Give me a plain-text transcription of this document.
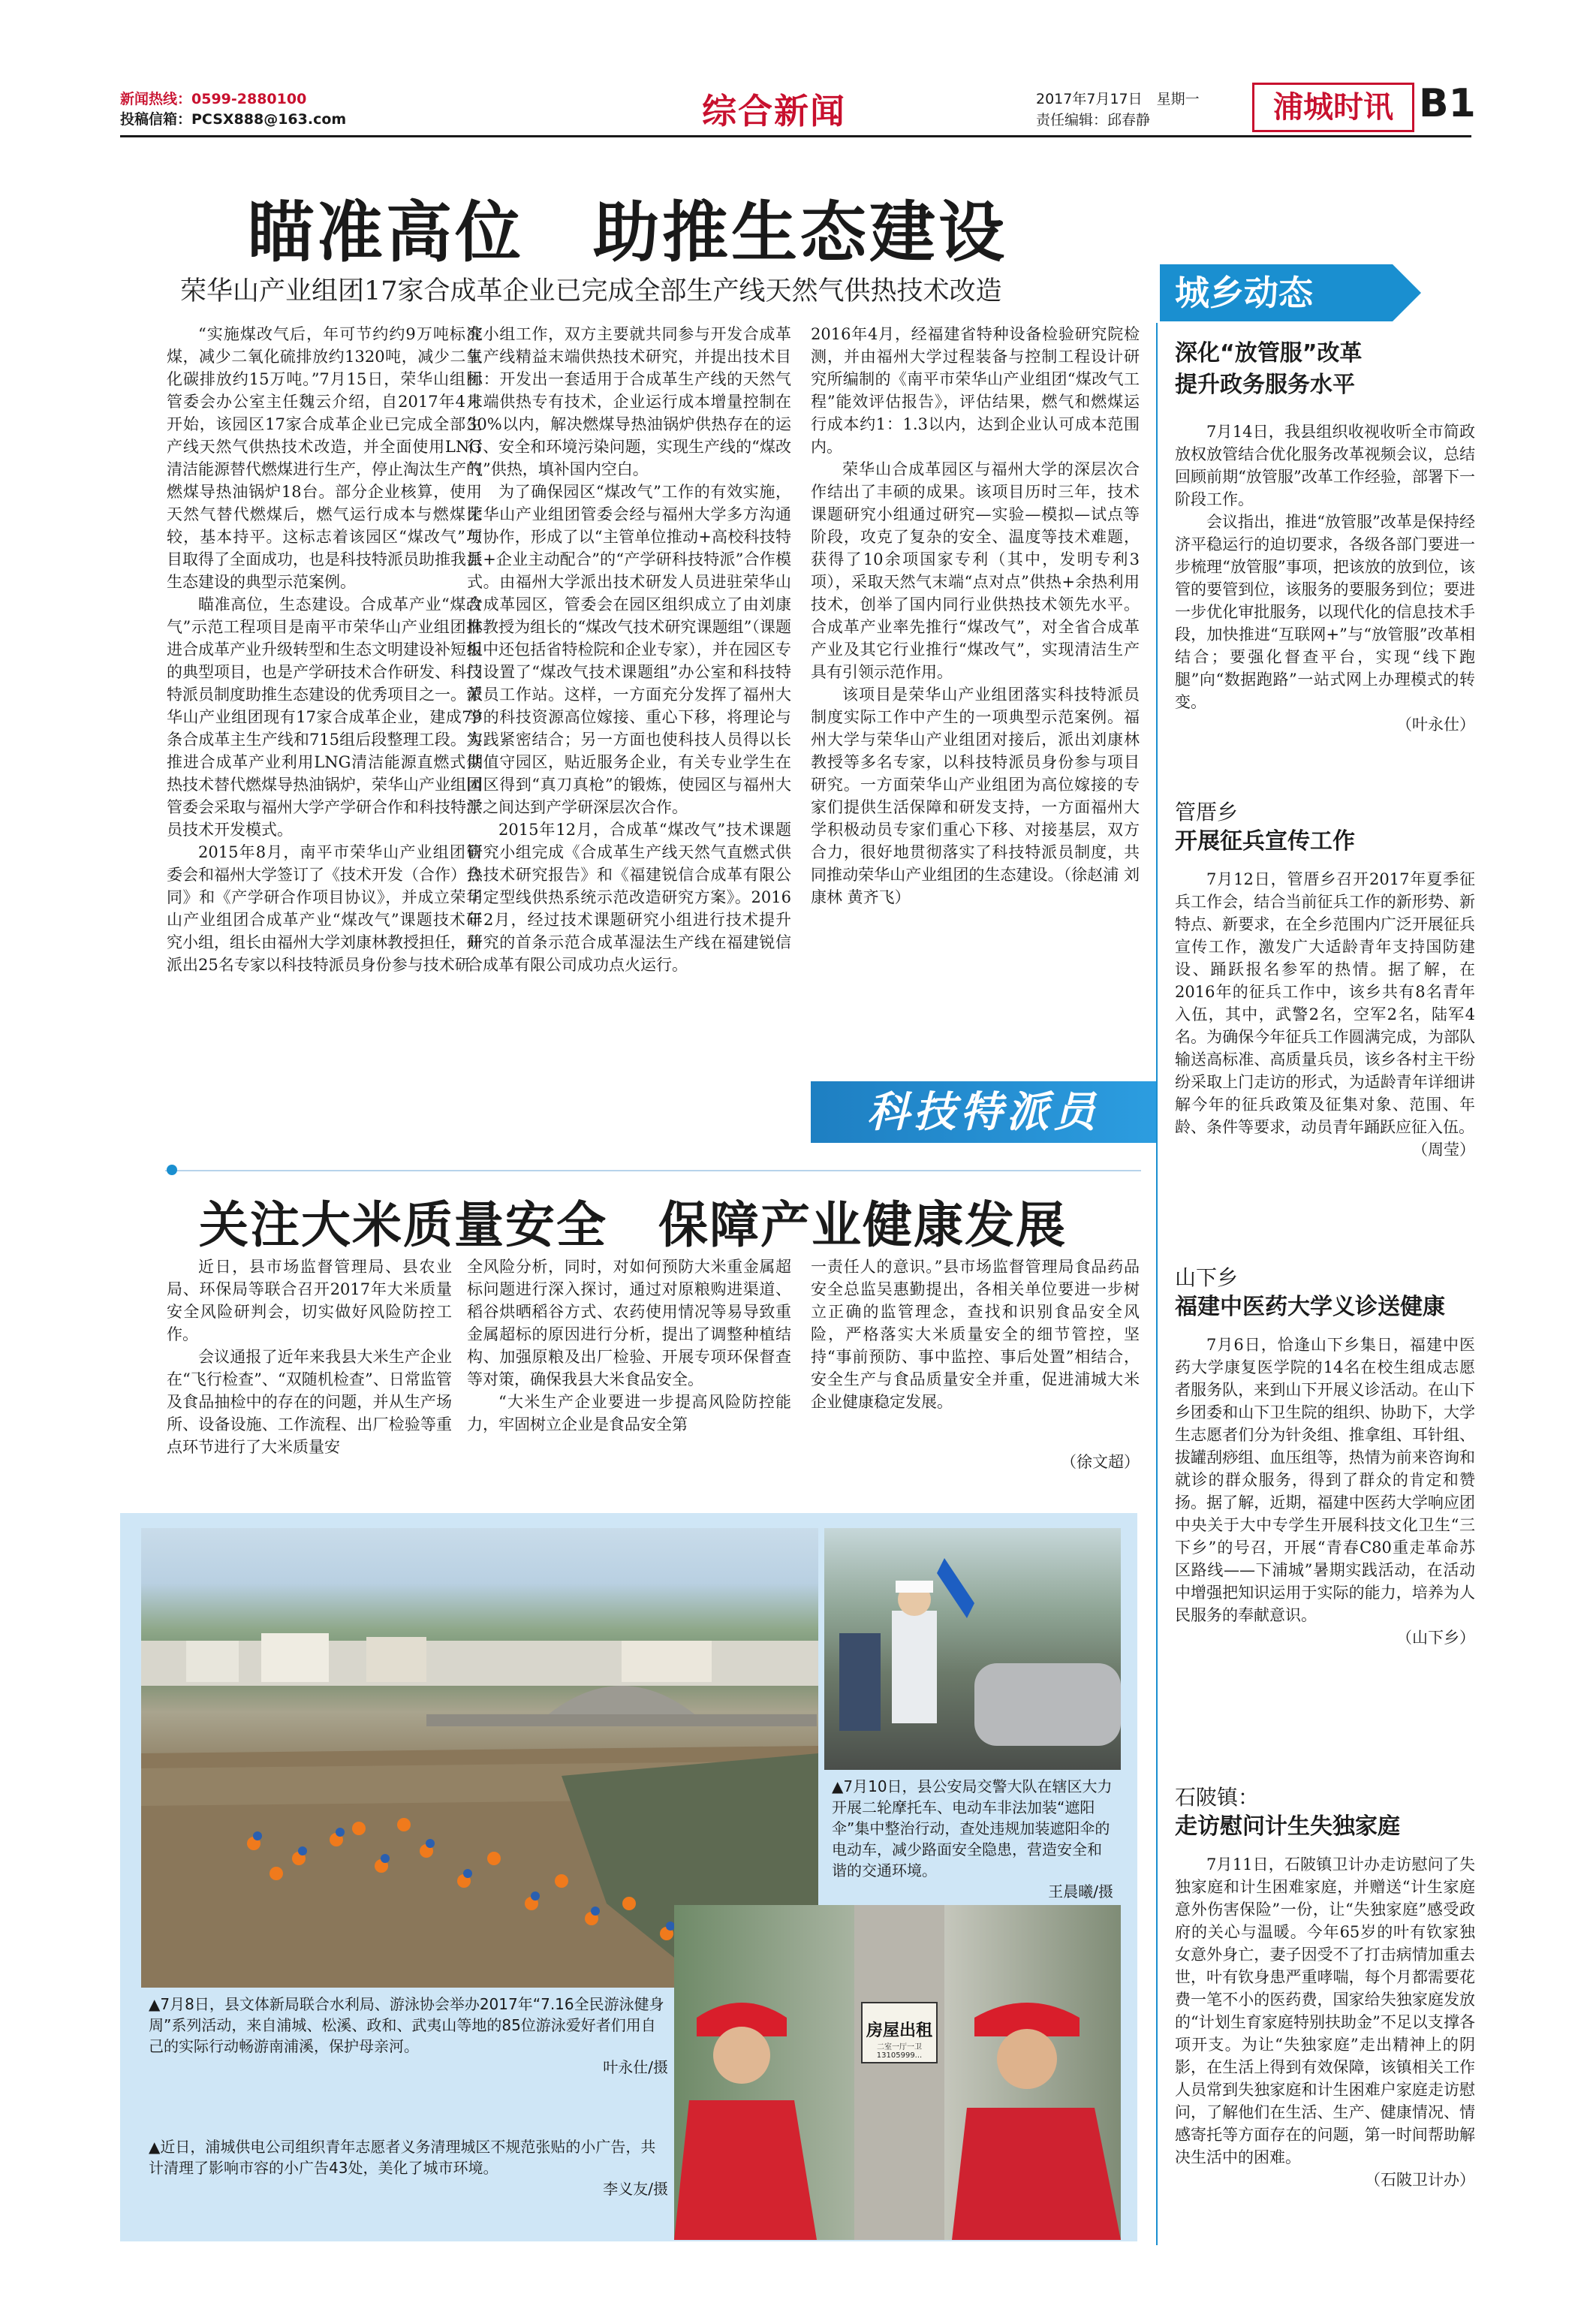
新闻热线：0599-2880100
投稿信箱：PCSX888@163.com	综合新闻	2017年7月17日　星期一
责任编辑：邱春静	浦城时讯 B1
瞄准高位　助推生态建设
荣华山产业组团17家合成革企业已完成全部生产线天然气供热技术改造

“实施煤改气后，年可节约约9万吨标准煤，减少二氧化硫排放约1320吨，减少二氧化碳排放约15万吨。”7月15日，荣华山组团管委会办公室主任魏云介绍，自2017年4月开始，该园区17家合成革企业已完成全部生产线天然气供热技术改造，并全面使用LNG清洁能源替代燃煤进行生产，停止淘汰生产的燃煤导热油锅炉18台。部分企业核算，使用天然气替代燃煤后，燃气运行成本与燃煤比较，基本持平。这标志着该园区“煤改气”项目取得了全面成功，也是科技特派员助推我县生态建设的典型示范案例。

瞄准高位，生态建设。合成革产业“煤改气”示范工程项目是南平市荣华山产业组团推进合成革产业升级转型和生态文明建设补短板的典型项目，也是产学研技术合作研发、科技特派员制度助推生态建设的优秀项目之一。荣华山产业组团现有17家合成革企业，建成79条合成革主生产线和715组后段整理工段。为推进合成革产业利用LNG清洁能源直燃式供热技术替代燃煤导热油锅炉，荣华山产业组团管委会采取与福州大学产学研合作和科技特派员技术开发模式。

2015年8月，南平市荣华山产业组团管委会和福州大学签订了《技术开发（合作）合同》和《产学研合作项目协议》，并成立荣华山产业组团合成革产业“煤改气”课题技术研究小组，组长由福州大学刘康林教授担任，并派出25名专家以科技特派员身份参与技术研

究小组工作，双方主要就共同参与开发合成革生产线精益末端供热技术研究，并提出技术目标：开发出一套适用于合成革生产线的天然气末端供热专有技术，企业运行成本增量控制在30%以内，解决燃煤导热油锅炉供热存在的运行、安全和环境污染问题，实现生产线的“煤改气”供热，填补国内空白。

为了确保园区“煤改气”工作的有效实施，荣华山产业组团管委会经与福州大学多方沟通与协作，形成了以“主管单位推动+高校科技特派+企业主动配合”的“产学研科技特派”合作模式。由福州大学派出技术研发人员进驻荣华山合成革园区，管委会在园区组织成立了由刘康林教授为组长的“煤改气技术研究课题组”（课题组中还包括省特检院和企业专家），并在园区专门设置了“煤改气技术课题组”办公室和科技特派员工作站。这样，一方面充分发挥了福州大学的科技资源高位嫁接、重心下移，将理论与实践紧密结合；另一方面也使科技人员得以长期值守园区，贴近服务企业，有关专业学生在园区得到“真刀真枪”的锻炼，使园区与福州大学之间达到产学研深层次合作。

2015年12月，合成革“煤改气”技术课题研究小组完成《合成革生产线天然气直燃式供热技术研究报告》和《福建锐信合成革有限公司定型线供热系统示范改造研究方案》。2016年2月，经过技术课题研究小组进行技术提升研究的首条示范合成革湿法生产线在福建锐信合成革有限公司成功点火运行。

2016年4月，经福建省特种设备检验研究院检测，并由福州大学过程装备与控制工程设计研究所编制的《南平市荣华山产业组团“煤改气工程”能效评估报告》，评估结果，燃气和燃煤运行成本约1：1.3以内，达到企业认可成本范围内。

荣华山合成革园区与福州大学的深层次合作结出了丰硕的成果。该项目历时三年，技术课题研究小组通过研究—实验—模拟—试点等阶段，攻克了复杂的安全、温度等技术难题，获得了10余项国家专利（其中，发明专利3项），采取天然气末端“点对点”供热+余热利用技术，创举了国内同行业供热技术领先水平。合成革产业率先推行“煤改气”，对全省合成革产业及其它行业推行“煤改气”，实现清洁生产具有引领示范作用。

该项目是荣华山产业组团落实科技特派员制度实际工作中产生的一项典型示范案例。福州大学与荣华山产业组团对接后，派出刘康林教授等多名专家，以科技特派员身份参与项目研究。一方面荣华山产业组团为高位嫁接的专家们提供生活保障和研发支持，一方面福州大学积极动员专家们重心下移、对接基层，双方合力，很好地贯彻落实了科技特派员制度，共同推动荣华山产业组团的生态建设。（徐赵浦 刘康林 黄齐飞）

科技特派员
关注大米质量安全　保障产业健康发展

近日，县市场监督管理局、县农业局、环保局等联合召开2017年大米质量安全风险研判会，切实做好风险防控工作。

会议通报了近年来我县大米生产企业在“飞行检查”、“双随机检查”、日常监管及食品抽检中的存在的问题，并从生产场所、设备设施、工作流程、出厂检验等重点环节进行了大米质量安

全风险分析，同时，对如何预防大米重金属超标问题进行深入探讨，通过对原粮购进渠道、稻谷烘晒稻谷方式、农药使用情况等易导致重金属超标的原因进行分析，提出了调整种植结构、加强原粮及出厂检验、开展专项环保督查等对策，确保我县大米食品安全。

“大米生产企业要进一步提高风险防控能力，牢固树立企业是食品安全第

一责任人的意识。”县市场监督管理局食品药品安全总监吴惠勤提出，各相关单位要进一步树立正确的监管理念，查找和识别食品安全风险，严格落实大米质量安全的细节管控，坚持“事前预防、事中监控、事后处置”相结合，安全生产与食品质量安全并重，促进浦城大米企业健康稳定发展。

（徐文超）
▲7月10日，县公安局交警大队在辖区大力开展二轮摩托车、电动车非法加装“遮阳伞”集中整治行动，查处违规加装遮阳伞的电动车，减少路面安全隐患，营造安全和谐的交通环境。
王晨曦/摄
房屋出租
二室一厅一卫 13105999...
▲7月8日，县文体新局联合水利局、游泳协会举办2017年“7.16全民游泳健身周”系列活动，来自浦城、松溪、政和、武夷山等地的85位游泳爱好者们用自己的实际行动畅游南浦溪，保护母亲河。
叶永仕/摄
▲近日，浦城供电公司组织青年志愿者义务清理城区不规范张贴的小广告，共计清理了影响市容的小广告43处，美化了城市环境。
李义友/摄
城乡动态
深化“放管服”改革
提升政务服务水平

7月14日，我县组织收视收听全市简政放权放管结合优化服务改革视频会议，总结回顾前期“放管服”改革工作经验，部署下一阶段工作。

会议指出，推进“放管服”改革是保持经济平稳运行的迫切要求，各级各部门要进一步梳理“放管服”事项，把该放的放到位，该管的要管到位，该服务的要服务到位；要进一步优化审批服务，以现代化的信息技术手段，加快推进“互联网+”与“放管服”改革相结合；要强化督查平台，实现“线下跑腿”向“数据跑路”一站式网上办理模式的转变。

（叶永仕）

管厝乡
开展征兵宣传工作

7月12日，管厝乡召开2017年夏季征兵工作会，结合当前征兵工作的新形势、新特点、新要求，在全乡范围内广泛开展征兵宣传工作，激发广大适龄青年支持国防建设、踊跃报名参军的热情。据了解，在2016年的征兵工作中，该乡共有8名青年入伍，其中，武警2名，空军2名，陆军4名。为确保今年征兵工作圆满完成，为部队输送高标准、高质量兵员，该乡各村主干纷纷采取上门走访的形式，为适龄青年详细讲解今年的征兵政策及征集对象、范围、年龄、条件等要求，动员青年踊跃应征入伍。

（周莹）

山下乡
福建中医药大学义诊送健康

7月6日，恰逢山下乡集日，福建中医药大学康复医学院的14名在校生组成志愿者服务队，来到山下开展义诊活动。在山下乡团委和山下卫生院的组织、协助下，大学生志愿者们分为针灸组、推拿组、耳针组、拔罐刮痧组、血压组等，热情为前来咨询和就诊的群众服务，得到了群众的肯定和赞扬。据了解，近期，福建中医药大学响应团中央关于大中专学生开展科技文化卫生“三下乡”的号召，开展“青春C80重走革命苏区路线——下浦城”暑期实践活动，在活动中增强把知识运用于实际的能力，培养为人民服务的奉献意识。

（山下乡）

石陂镇：
走访慰问计生失独家庭

7月11日，石陂镇卫计办走访慰问了失独家庭和计生困难家庭，并赠送“计生家庭意外伤害保险”一份，让“失独家庭”感受政府的关心与温暖。今年65岁的叶有钦家独女意外身亡，妻子因受不了打击病情加重去世，叶有钦身患严重哮喘，每个月都需要花费一笔不小的医药费，国家给失独家庭发放的“计划生育家庭特别扶助金”不足以支撑各项开支。为让“失独家庭”走出精神上的阴影，在生活上得到有效保障，该镇相关工作人员常到失独家庭和计生困难户家庭走访慰问，了解他们在生活、生产、健康情况、情感寄托等方面存在的问题，第一时间帮助解决生活中的困难。

（石陂卫计办）
